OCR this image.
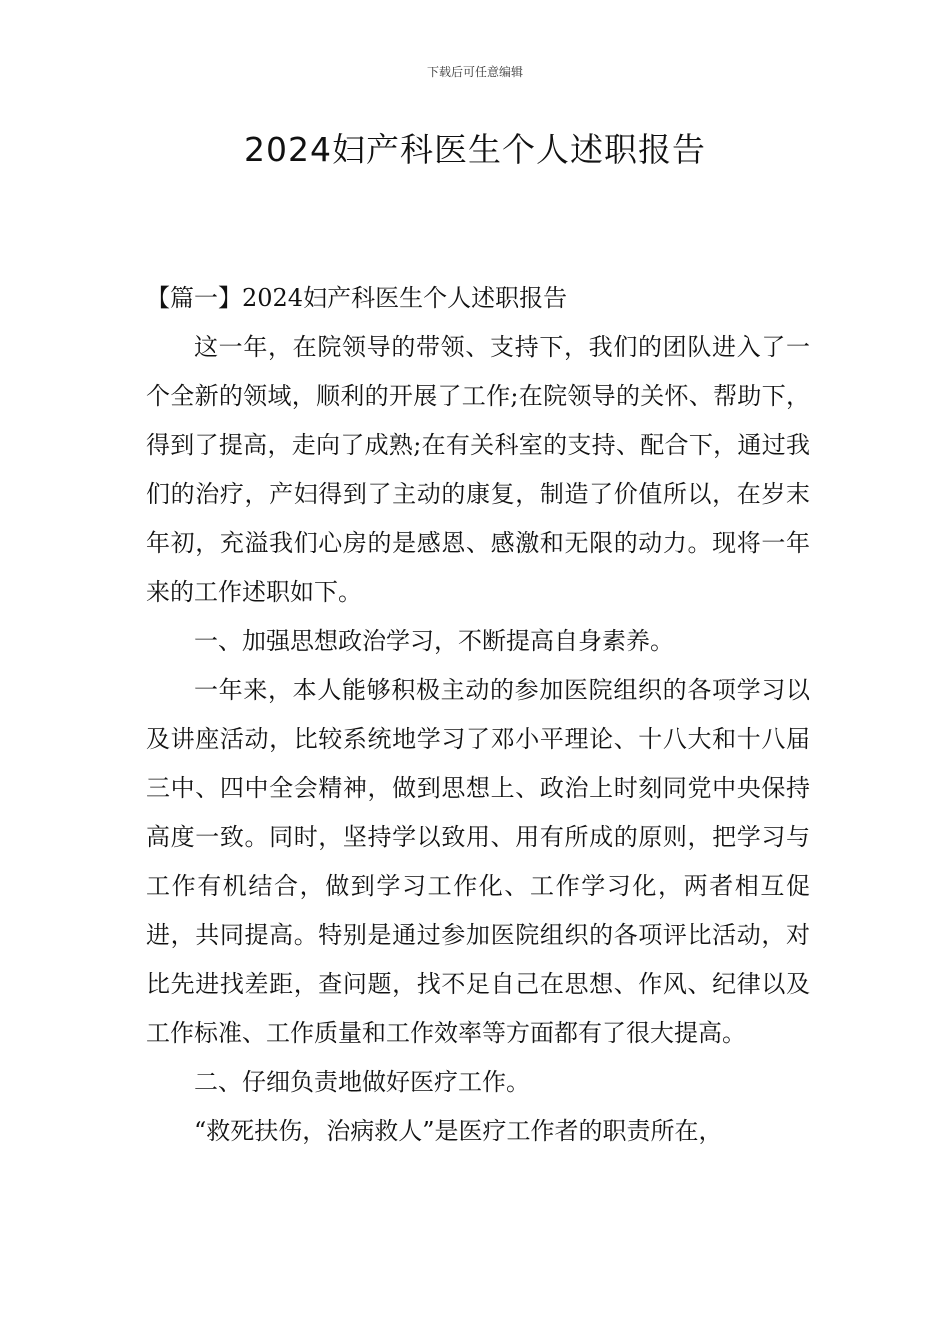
下载后可任意编辑
2024妇产科医生个人述职报告

【篇一】2024妇产科医生个人述职报告

这一年，在院领导的带领、支持下，我们的团队进入了一个全新的领域，顺利的开展了工作;在院领导的关怀、帮助下，得到了提高，走向了成熟;在有关科室的支持、配合下，通过我们的治疗，产妇得到了主动的康复，制造了价值所以，在岁末年初，充溢我们心房的是感恩、感激和无限的动力。现将一年来的工作述职如下。

一、加强思想政治学习，不断提高自身素养。

一年来，本人能够积极主动的参加医院组织的各项学习以及讲座活动，比较系统地学习了邓小平理论、十八大和十八届三中、四中全会精神，做到思想上、政治上时刻同党中央保持高度一致。同时，坚持学以致用、用有所成的原则，把学习与工作有机结合，做到学习工作化、工作学习化，两者相互促进，共同提高。特别是通过参加医院组织的各项评比活动，对比先进找差距，查问题，找不足自己在思想、作风、纪律以及工作标准、工作质量和工作效率等方面都有了很大提高。

二、仔细负责地做好医疗工作。

“救死扶伤，治病救人”是医疗工作者的职责所在，
